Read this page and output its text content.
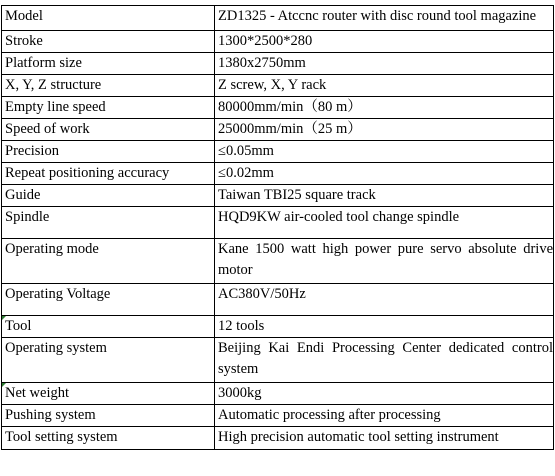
Model	ZD1325 - Atccnc router with disc round tool magazine
Stroke	1300*2500*280
Platform size	1380x2750mm
X, Y, Z structure	Z screw, X, Y rack
Empty line speed	80000mm/min（80 m）
Speed of work	25000mm/min（25 m）
Precision	≤0.05mm
Repeat positioning accuracy	≤0.02mm
Guide	Taiwan TBI25 square track
Spindle	HQD9KW air-cooled tool change spindle
Operating mode	Kane 1500 watt high power pure servo absolute drive motor
Operating Voltage	AC380V/50Hz

Tool	12 tools
Operating system	Beijing Kai Endi Processing Center dedicated control system

Net weight	3000kg
Pushing system	Automatic processing after processing
Tool setting system	High precision automatic tool setting instrument
